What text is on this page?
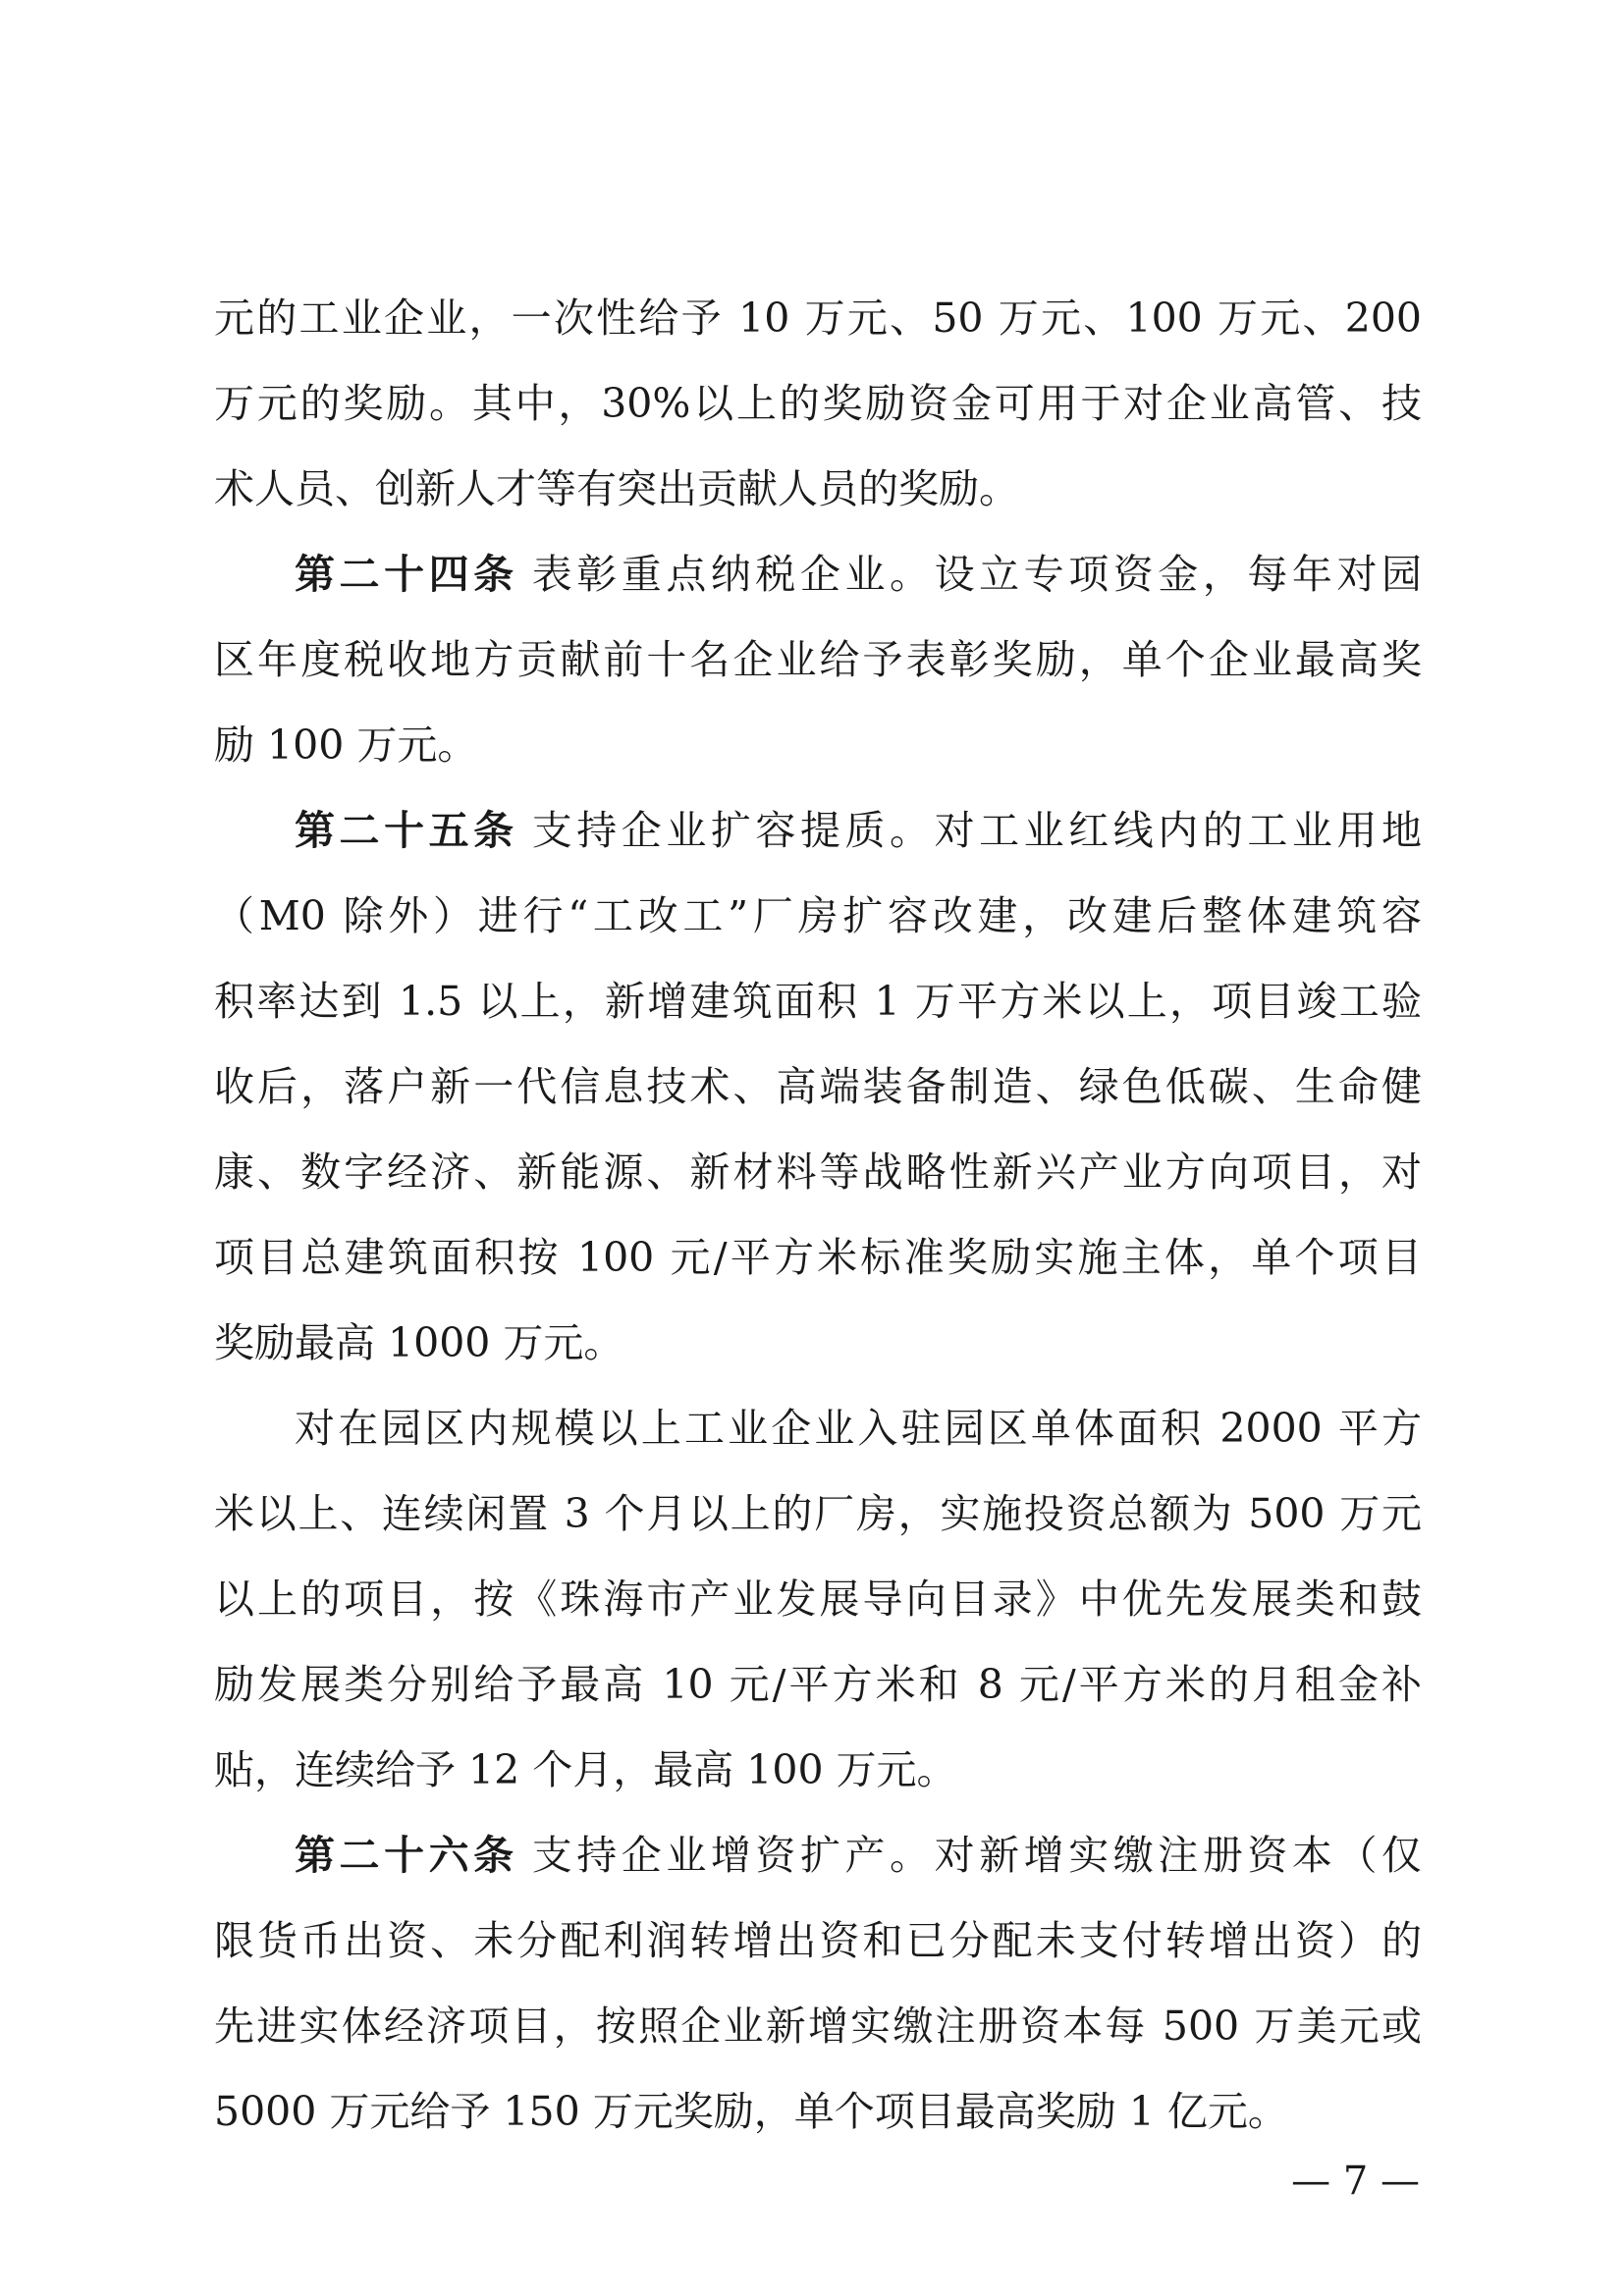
元的工业企业，一次性给予 10 万元、50 万元、100 万元、200
万元的奖励。其中，30%以上的奖励资金可用于对企业高管、技
术人员、创新人才等有突出贡献人员的奖励。
第二十四条 表彰重点纳税企业。设立专项资金，每年对园
区年度税收地方贡献前十名企业给予表彰奖励，单个企业最高奖
励 100 万元。
第二十五条 支持企业扩容提质。对工业红线内的工业用地
（M0 除外）进行“工改工”厂房扩容改建，改建后整体建筑容
积率达到 1.5 以上，新增建筑面积 1 万平方米以上，项目竣工验
收后，落户新一代信息技术、高端装备制造、绿色低碳、生命健
康、数字经济、新能源、新材料等战略性新兴产业方向项目，对
项目总建筑面积按 100 元/平方米标准奖励实施主体，单个项目
奖励最高 1000 万元。
对在园区内规模以上工业企业入驻园区单体面积 2000 平方
米以上、连续闲置 3 个月以上的厂房，实施投资总额为 500 万元
以上的项目，按《珠海市产业发展导向目录》中优先发展类和鼓
励发展类分别给予最高 10 元/平方米和 8 元/平方米的月租金补
贴，连续给予 12 个月，最高 100 万元。
第二十六条 支持企业增资扩产。对新增实缴注册资本（仅
限货币出资、未分配利润转增出资和已分配未支付转增出资）的
先进实体经济项目，按照企业新增实缴注册资本每 500 万美元或
5000 万元给予 150 万元奖励，单个项目最高奖励 1 亿元。
— 7 —
